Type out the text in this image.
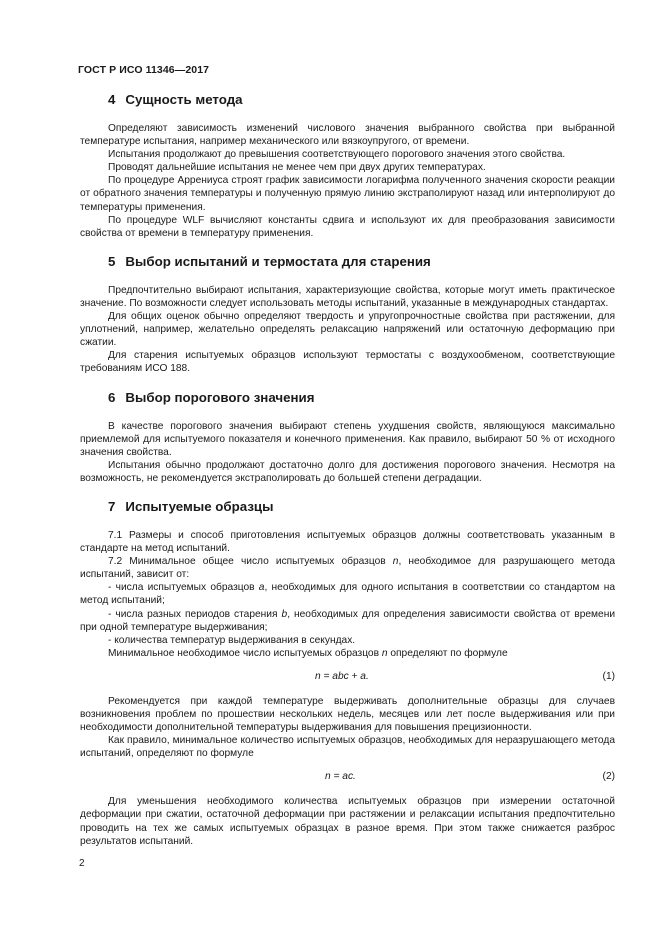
ГОСТ Р ИСО 11346—2017
4 Сущность метода

Определяют зависимость изменений числового значения выбранного свойства при выбранной температуре испытания, например механического или вязкоупругого, от времени.

Испытания продолжают до превышения соответствующего порогового значения этого свойства.

Проводят дальнейшие испытания не менее чем при двух других температурах.

По процедуре Аррениуса строят график зависимости логарифма полученного значения скорости реакции от обратного значения температуры и полученную прямую линию экстраполируют назад или интерполируют до температуры применения.

По процедуре WLF вычисляют константы сдвига и используют их для преобразования зависимости свойства от времени в температуру применения.

5 Выбор испытаний и термостата для старения

Предпочтительно выбирают испытания, характеризующие свойства, которые могут иметь практическое значение. По возможности следует использовать методы испытаний, указанные в международных стандартах.

Для общих оценок обычно определяют твердость и упругопрочностные свойства при растяжении, для уплотнений, например, желательно определять релаксацию напряжений или остаточную деформацию при сжатии.

Для старения испытуемых образцов используют термостаты с воздухообменом, соответствующие требованиям ИСО 188.

6 Выбор порогового значения

В качестве порогового значения выбирают степень ухудшения свойств, являющуюся максимально приемлемой для испытуемого показателя и конечного применения. Как правило, выбирают 50 % от исходного значения свойства.

Испытания обычно продолжают достаточно долго для достижения порогового значения. Несмотря на возможность, не рекомендуется экстраполировать до большей степени деградации.

7 Испытуемые образцы

7.1 Размеры и способ приготовления испытуемых образцов должны соответствовать указанным в стандарте на метод испытаний.

7.2 Минимальное общее число испытуемых образцов n, необходимое для разрушающего метода испытаний, зависит от:

- числа испытуемых образцов a, необходимых для одного испытания в соответствии со стандартом на метод испытаний;

- числа разных периодов старения b, необходимых для определения зависимости свойства от времени при одной температуре выдерживания;

- количества температур выдерживания в секундах.

Минимальное необходимое число испытуемых образцов n определяют по формуле

n = abc + a.	(1)

Рекомендуется при каждой температуре выдерживать дополнительные образцы для случаев возникновения проблем по прошествии нескольких недель, месяцев или лет после выдерживания или при необходимости дополнительной температуры выдерживания для повышения прецизионности.

Как правило, минимальное количество испытуемых образцов, необходимых для неразрушающего метода испытаний, определяют по формуле

n = ac.	(2)

Для уменьшения необходимого количества испытуемых образцов при измерении остаточной деформации при сжатии, остаточной деформации при растяжении и релаксации испытания предпочтительно проводить на тех же самых испытуемых образцах в разное время. При этом также снижается разброс результатов испытаний.

2
